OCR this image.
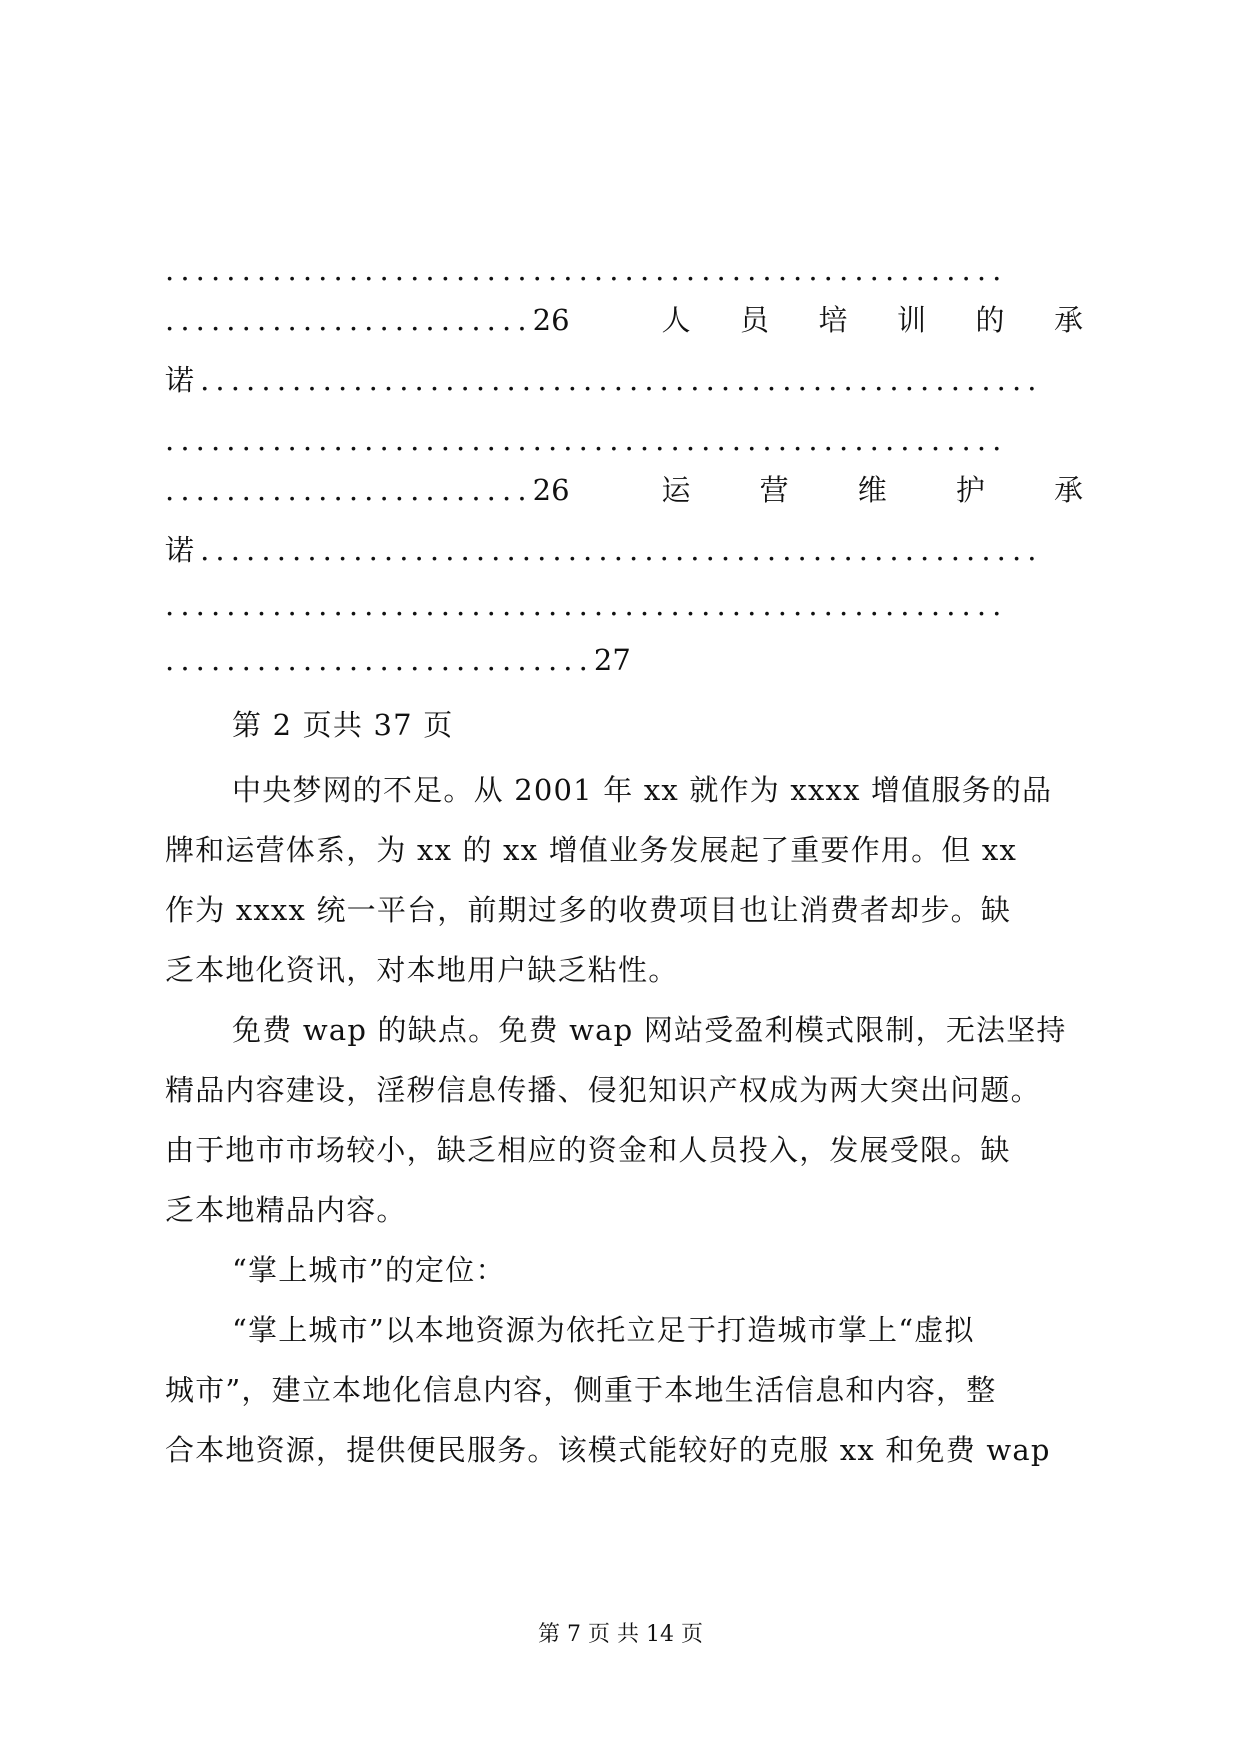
.......................................................
........................ 26	人 员 培 训 的 承
诺.......................................................
.......................................................
........................ 26	运 营 维 护 承
诺.......................................................
.......................................................
............................ 27
第 2 页共 37 页
中央梦网的不足。从 2001 年 xx 就作为 xxxx 增值服务的品
牌和运营体系，为 xx 的 xx 增值业务发展起了重要作用。但 xx
作为 xxxx 统一平台，前期过多的收费项目也让消费者却步。缺
乏本地化资讯，对本地用户缺乏粘性。
免费 wap 的缺点。免费 wap 网站受盈利模式限制，无法坚持
精品内容建设，淫秽信息传播、侵犯知识产权成为两大突出问题。
由于地市市场较小，缺乏相应的资金和人员投入，发展受限。缺
乏本地精品内容。
“掌上城市”的定位：
“掌上城市”以本地资源为依托立足于打造城市掌上“虚拟
城市”，建立本地化信息内容，侧重于本地生活信息和内容，整
合本地资源，提供便民服务。该模式能较好的克服 xx 和免费 wap
第 7 页 共 14 页
